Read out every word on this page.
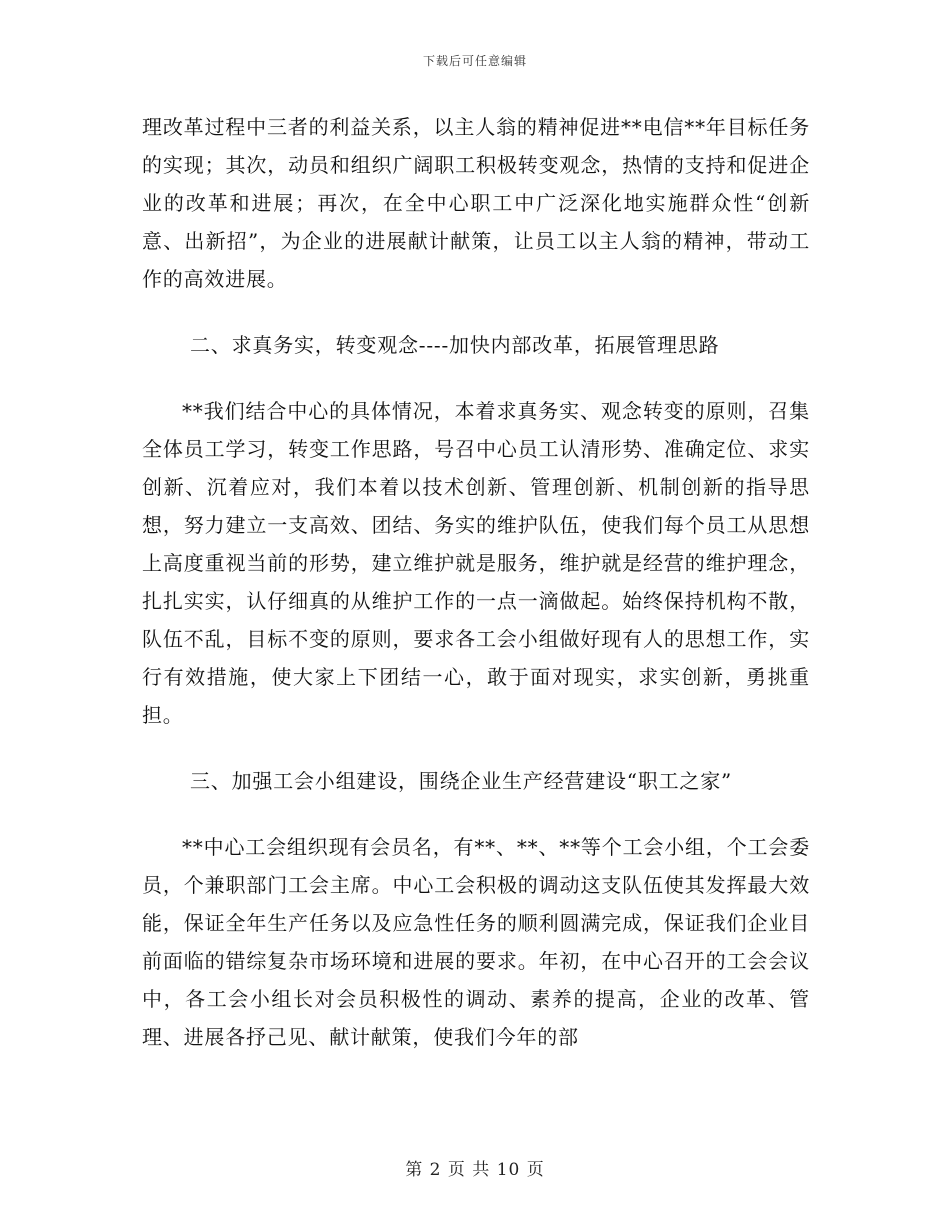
下载后可任意编辑

理改革过程中三者的利益关系，以主人翁的精神促进**电信**年目标任务的实现；其次，动员和组织广阔职工积极转变观念，热情的支持和促进企业的改革和进展；再次，在全中心职工中广泛深化地实施群众性“创新意、出新招”，为企业的进展献计献策，让员工以主人翁的精神，带动工作的高效进展。

二、求真务实，转变观念----加快内部改革，拓展管理思路

**我们结合中心的具体情况，本着求真务实、观念转变的原则，召集全体员工学习，转变工作思路，号召中心员工认清形势、准确定位、求实创新、沉着应对，我们本着以技术创新、管理创新、机制创新的指导思想，努力建立一支高效、团结、务实的维护队伍，使我们每个员工从思想上高度重视当前的形势，建立维护就是服务，维护就是经营的维护理念，扎扎实实，认仔细真的从维护工作的一点一滴做起。始终保持机构不散，队伍不乱，目标不变的原则，要求各工会小组做好现有人的思想工作，实行有效措施，使大家上下团结一心，敢于面对现实，求实创新，勇挑重担。

三、加强工会小组建设，围绕企业生产经营建设“职工之家”

**中心工会组织现有会员名，有**、**、**等个工会小组，个工会委员，个兼职部门工会主席。中心工会积极的调动这支队伍使其发挥最大效能，保证全年生产任务以及应急性任务的顺利圆满完成，保证我们企业目前面临的错综复杂市场环境和进展的要求。年初，在中心召开的工会会议中，各工会小组长对会员积极性的调动、素养的提高，企业的改革、管理、进展各抒己见、献计献策，使我们今年的部

第 2 页 共 10 页
